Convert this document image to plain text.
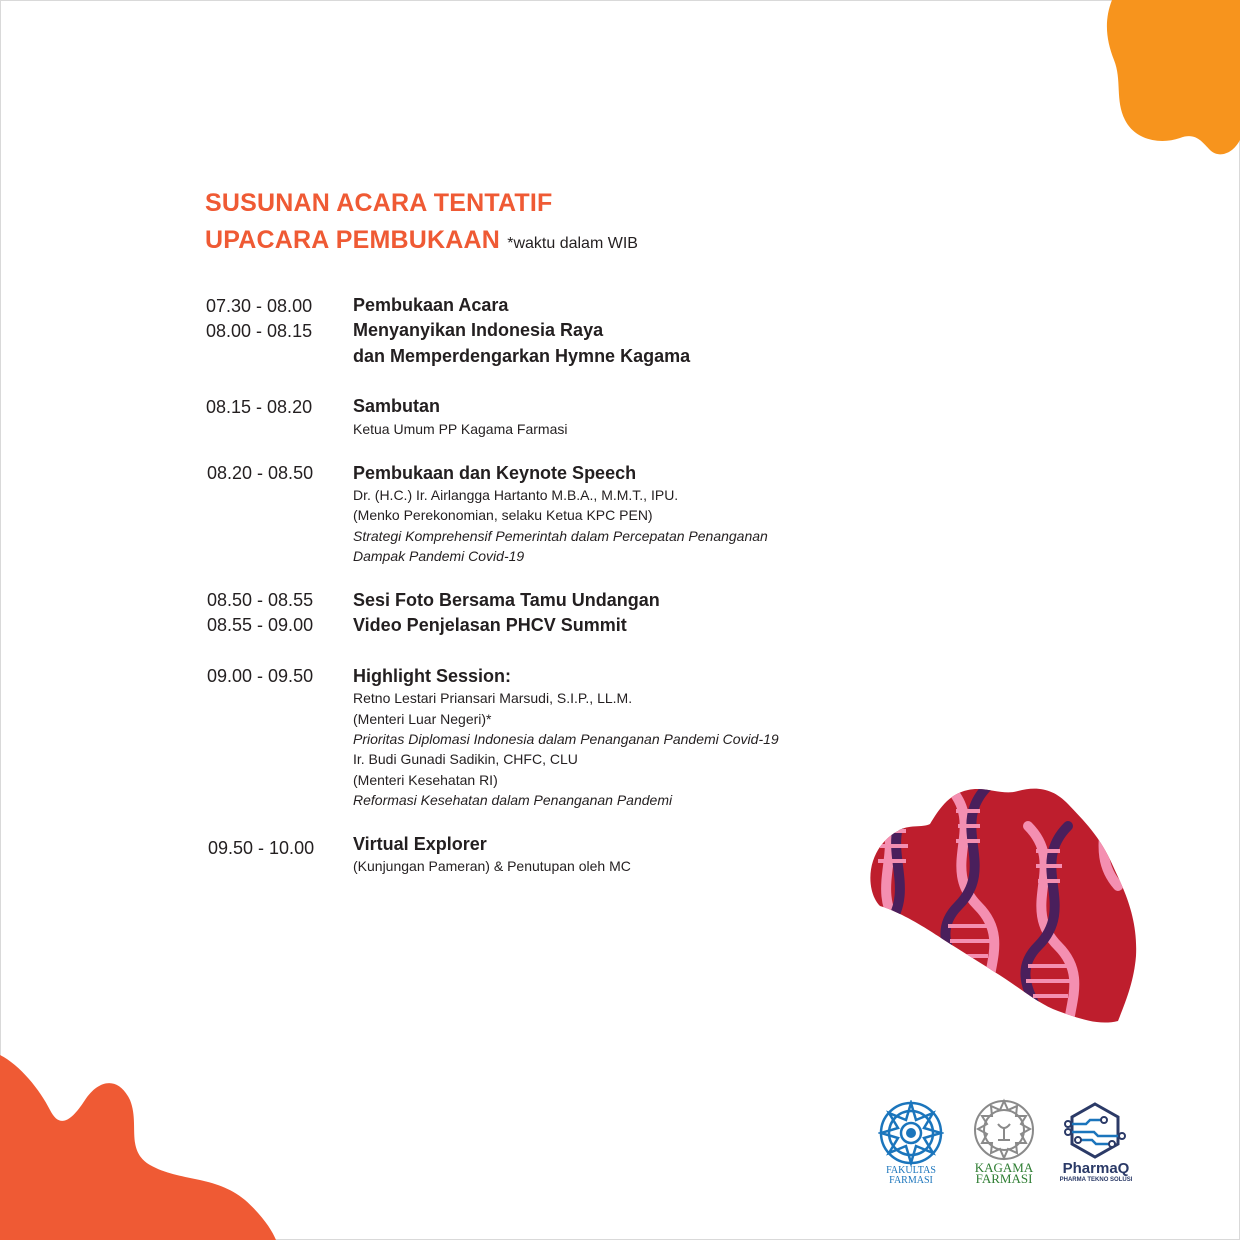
SUSUNAN ACARA TENTATIF
UPACARA PEMBUKAAN *waktu dalam WIB
07.30 - 08.00 Pembukaan Acara
08.00 - 08.15 Menyanyikan Indonesia Raya
dan Memperdengarkan Hymne Kagama
08.15 - 08.20 Sambutan
Ketua Umum PP Kagama Farmasi
08.20 - 08.50 Pembukaan dan Keynote Speech
Dr. (H.C.) Ir. Airlangga Hartanto M.B.A., M.M.T., IPU.
(Menko Perekonomian, selaku Ketua KPC PEN)
Strategi Komprehensif Pemerintah dalam Percepatan Penanganan
Dampak Pandemi Covid-19
08.50 - 08.55 Sesi Foto Bersama Tamu Undangan
08.55 - 09.00 Video Penjelasan PHCV Summit
09.00 - 09.50 Highlight Session:
Retno Lestari Priansari Marsudi, S.I.P., LL.M.
(Menteri Luar Negeri)*
Prioritas Diplomasi Indonesia dalam Penanganan Pandemi Covid-19
Ir. Budi Gunadi Sadikin, CHFC, CLU
(Menteri Kesehatan RI)
Reformasi Kesehatan dalam Penanganan Pandemi
09.50 - 10.00 Virtual Explorer
(Kunjungan Pameran) & Penutupan oleh MC
FAKULTAS
FARMASI
KAGAMA
FARMASI
PharmaQ
PHARMA TEKNO SOLUSI
